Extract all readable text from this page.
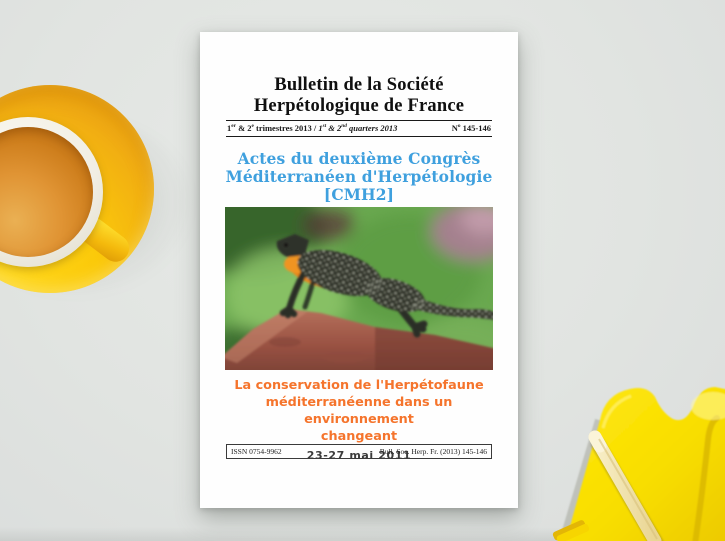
Bulletin de la Société
Herpétologique de France
1er & 2e trimestres 2013 / 1st & 2nd quarters 2013	$N^o$ 145-146
Actes du deuxième Congrès
Méditerranéen d'Herpétologie
[CMH2]
La conservation de l'Herpétofaune
méditerranéenne dans un environnement
changeant
23-27 mai 2011
ISSN 0754-9962	Bull. Soc. Herp. Fr. (2013) 145-146
